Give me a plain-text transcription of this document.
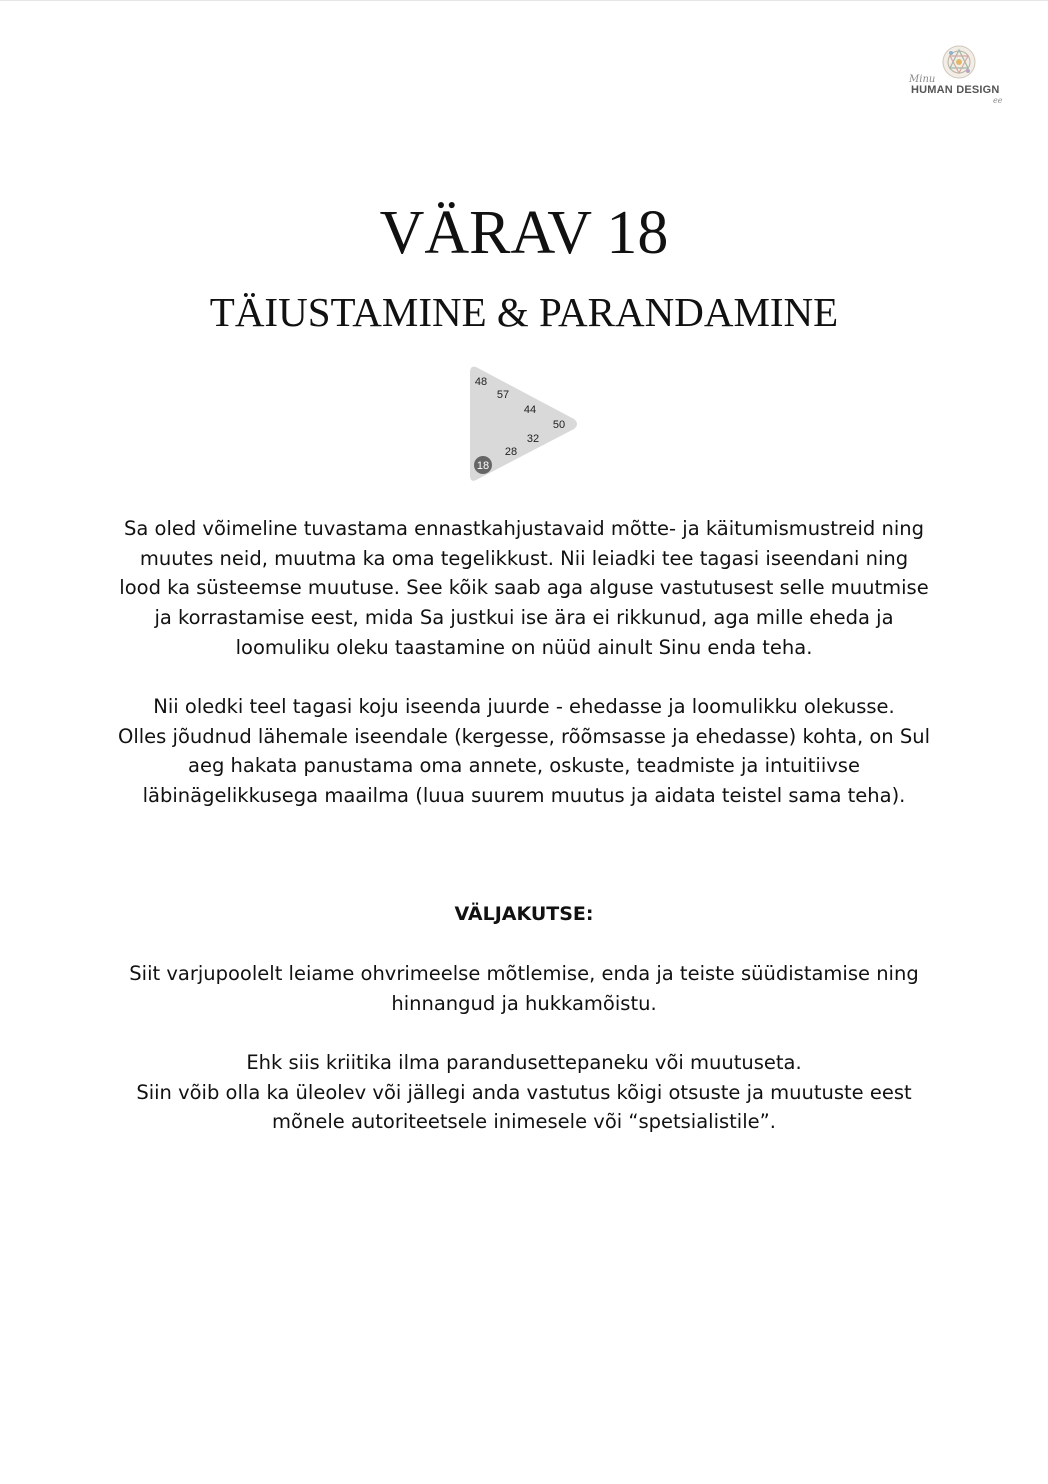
Minu
HUMAN DESIGN
ee
VÄRAV 18
TÄIUSTAMINE & PARANDAMINE
48
57
44
50
32
28
18

Sa oled võimeline tuvastama ennastkahjustavaid mõtte- ja käitumismustreid ning
muutes neid, muutma ka oma tegelikkust. Nii leiadki tee tagasi iseendani ning
lood ka süsteemse muutuse. See kõik saab aga alguse vastutusest selle muutmise
ja korrastamise eest, mida Sa justkui ise ära ei rikkunud, aga mille eheda ja
loomuliku oleku taastamine on nüüd ainult Sinu enda teha.

Nii oledki teel tagasi koju iseenda juurde - ehedasse ja loomulikku olekusse.
Olles jõudnud lähemale iseendale (kergesse, rõõmsasse ja ehedasse) kohta, on Sul
aeg hakata panustama oma annete, oskuste, teadmiste ja intuitiivse
läbinägelikkusega maailma (luua suurem muutus ja aidata teistel sama teha).

VÄLJAKUTSE:

Siit varjupoolelt leiame ohvrimeelse mõtlemise, enda ja teiste süüdistamise ning
hinnangud ja hukkamõistu.

Ehk siis kriitika ilma parandusettepaneku või muutuseta.
Siin võib olla ka üleolev või jällegi anda vastutus kõigi otsuste ja muutuste eest
mõnele autoriteetsele inimesele või “spetsialistile”.
